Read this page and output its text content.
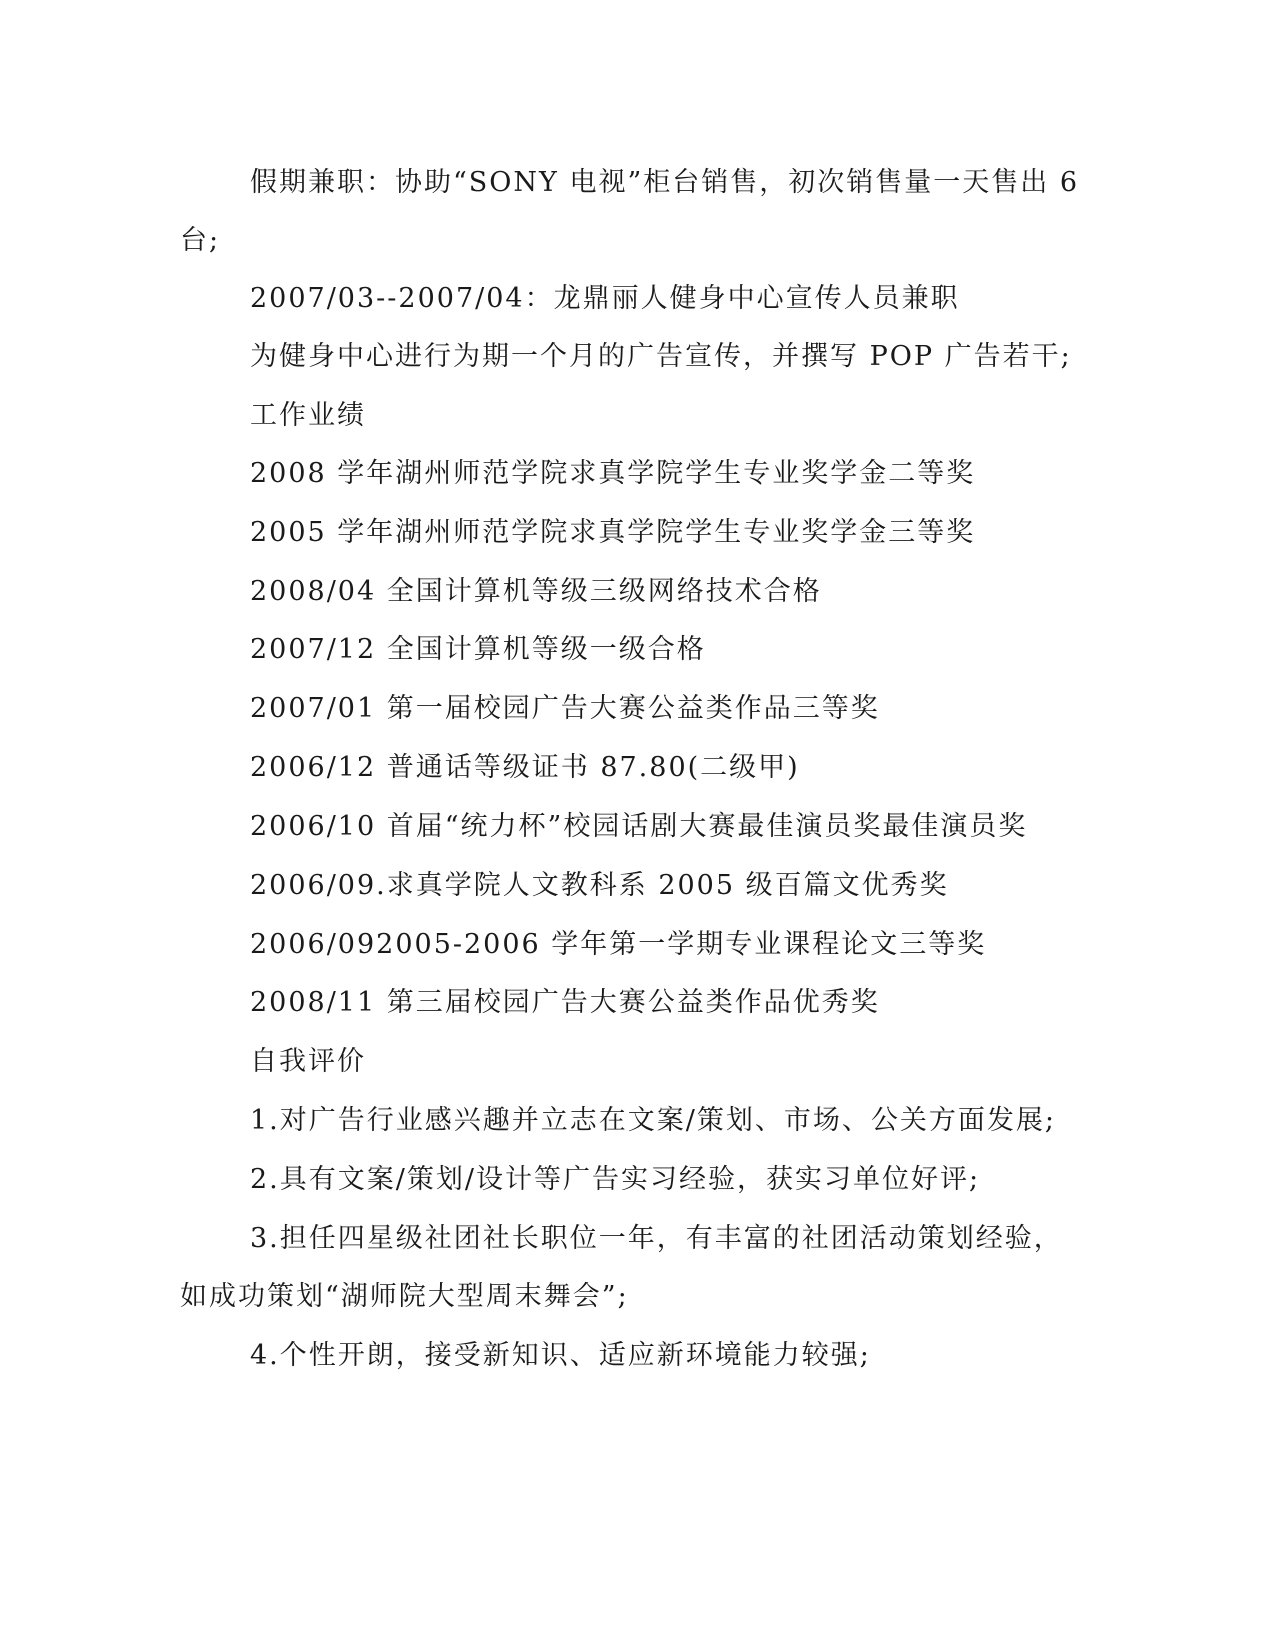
假期兼职：协助“SONY 电视”柜台销售，初次销售量一天售出 6
台;
2007/03--2007/04：龙鼎丽人健身中心宣传人员兼职
为健身中心进行为期一个月的广告宣传，并撰写 POP 广告若干;
工作业绩
2008 学年湖州师范学院求真学院学生专业奖学金二等奖
2005 学年湖州师范学院求真学院学生专业奖学金三等奖
2008/04 全国计算机等级三级网络技术合格
2007/12 全国计算机等级一级合格
2007/01 第一届校园广告大赛公益类作品三等奖
2006/12 普通话等级证书 87.80(二级甲)
2006/10 首届“统力杯”校园话剧大赛最佳演员奖最佳演员奖
2006/09.求真学院人文教科系 2005 级百篇文优秀奖
2006/092005-2006 学年第一学期专业课程论文三等奖
2008/11 第三届校园广告大赛公益类作品优秀奖
自我评价
1.对广告行业感兴趣并立志在文案/策划、市场、公关方面发展;
2.具有文案/策划/设计等广告实习经验，获实习单位好评;
3.担任四星级社团社长职位一年，有丰富的社团活动策划经验，
如成功策划“湖师院大型周末舞会”;
4.个性开朗，接受新知识、适应新环境能力较强;
